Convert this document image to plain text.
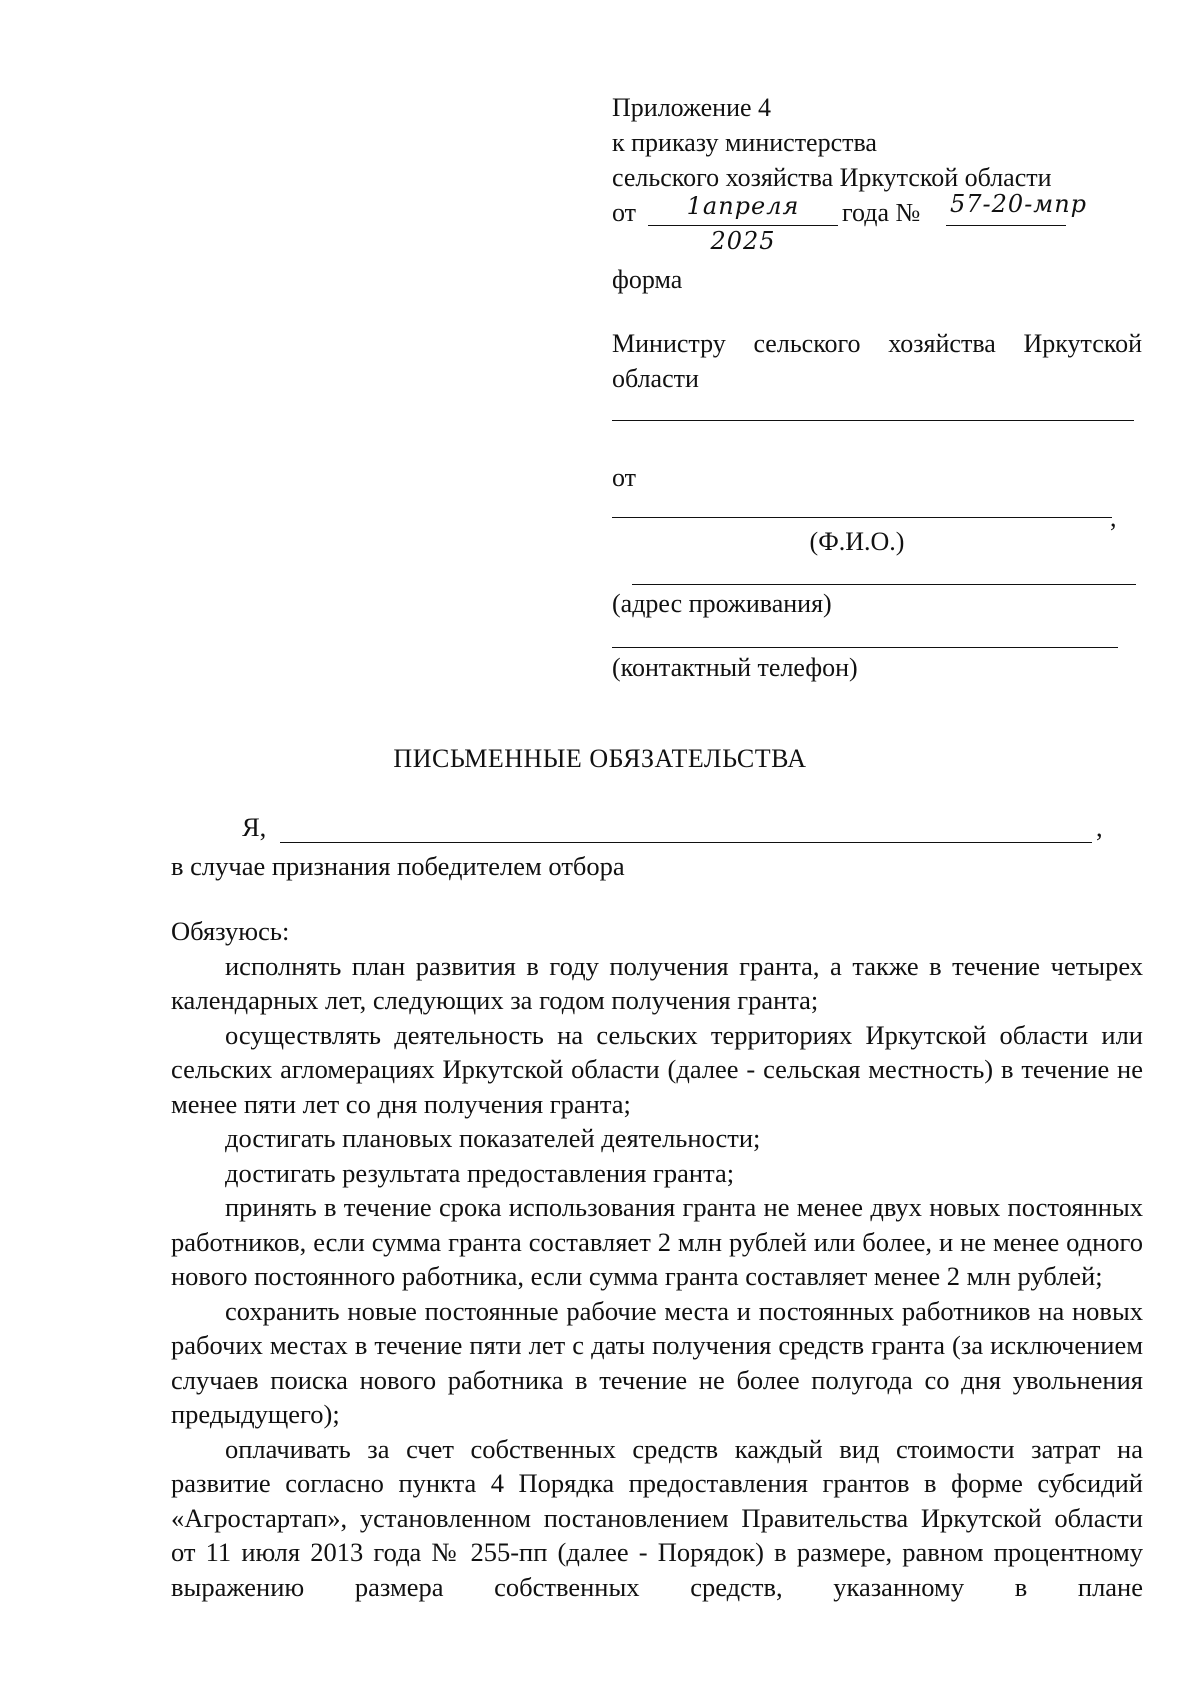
Приложение 4
к приказу министерства
сельского хозяйства Иркутской области
от	1апреля 2025
года № 57-20-мпр
форма
Министру сельского хозяйства Иркутской
области
от
,
(Ф.И.О.)
(адрес проживания)
(контактный телефон)
ПИСЬМЕННЫЕ ОБЯЗАТЕЛЬСТВА
Я,	,
в случае признания победителем отбора

Обязуюсь:

исполнять план развития в году получения гранта, а также в течение четырех календарных лет, следующих за годом получения гранта;

осуществлять деятельность на сельских территориях Иркутской области или сельских агломерациях Иркутской области (далее - сельская местность) в течение не менее пяти лет со дня получения гранта;

достигать плановых показателей деятельности;

достигать результата предоставления гранта;

принять в течение срока использования гранта не менее двух новых постоянных работников, если сумма гранта составляет 2 млн рублей или более, и не менее одного нового постоянного работника, если сумма гранта составляет менее 2 млн рублей;

сохранить новые постоянные рабочие места и постоянных работников на новых рабочих местах в течение пяти лет с даты получения средств гранта (за исключением случаев поиска нового работника в течение не более полугода со дня увольнения предыдущего);

оплачивать за счет собственных средств каждый вид стоимости затрат на развитие согласно пункта 4 Порядка предоставления грантов в форме субсидий «Агростартап», установленном постановлением Правительства Иркутской области от 11 июля 2013 года № 255-пп (далее - Порядок) в размере, равном процентному выражению размера собственных средств, указанному в плане
